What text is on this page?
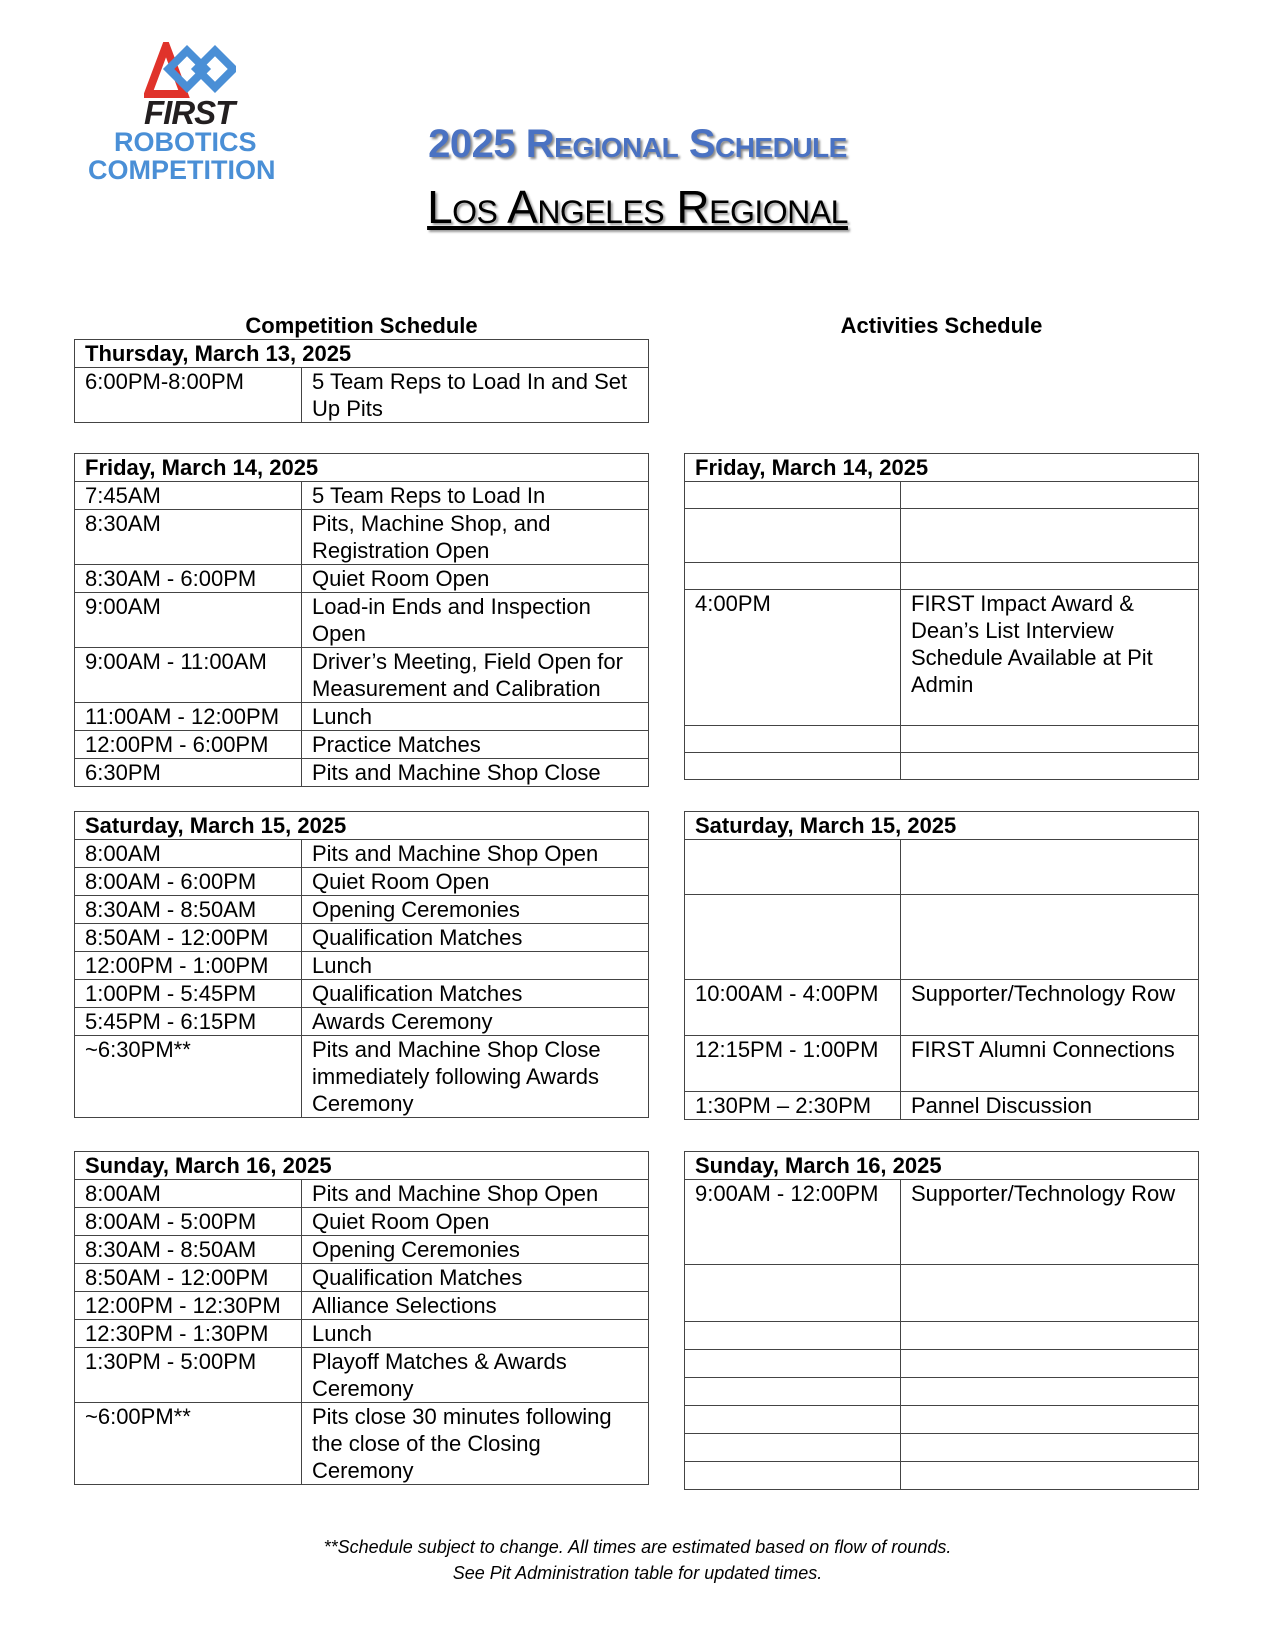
FIRST
ROBOTICS
COMPETITION
2025 Regional Schedule
Los Angeles Regional
Competition Schedule	Activities Schedule
Thursday, March 13, 2025
6:00PM-8:00PM	5 Team Reps to Load In and Set Up Pits
Friday, March 14, 2025	
7:45AM	5 Team Reps to Load In
8:30AM	Pits, Machine Shop, and Registration Open
8:30AM - 6:00PM	Quiet Room Open
9:00AM	Load-in Ends and Inspection Open
9:00AM - 11:00AM	Driver’s Meeting, Field Open for Measurement and Calibration
11:00AM - 12:00PM	Lunch
12:00PM - 6:00PM	Practice Matches
6:30PM	Pits and Machine Shop Close
Friday, March 14, 2025	

4:00PM	FIRST Impact Award & Dean’s List Interview Schedule Available at Pit Admin

Saturday, March 15, 2025	
8:00AM	Pits and Machine Shop Open
8:00AM - 6:00PM	Quiet Room Open
8:30AM - 8:50AM	Opening Ceremonies
8:50AM - 12:00PM	Qualification Matches
12:00PM - 1:00PM	Lunch
1:00PM - 5:45PM	Qualification Matches
5:45PM - 6:15PM	Awards Ceremony
~6:30PM**	Pits and Machine Shop Close immediately following Awards Ceremony
Saturday, March 15, 2025	

10:00AM - 4:00PM	Supporter/Technology Row
12:15PM - 1:00PM	FIRST Alumni Connections
1:30PM – 2:30PM	Pannel Discussion
Sunday, March 16, 2025	
8:00AM	Pits and Machine Shop Open
8:00AM - 5:00PM	Quiet Room Open
8:30AM - 8:50AM	Opening Ceremonies
8:50AM - 12:00PM	Qualification Matches
12:00PM - 12:30PM	Alliance Selections
12:30PM - 1:30PM	Lunch
1:30PM - 5:00PM	Playoff Matches & Awards Ceremony
~6:00PM**	Pits close 30 minutes following the close of the Closing Ceremony
Sunday, March 16, 2025	
9:00AM - 12:00PM	Supporter/Technology Row

**Schedule subject to change. All times are estimated based on flow of rounds.
See Pit Administration table for updated times.
